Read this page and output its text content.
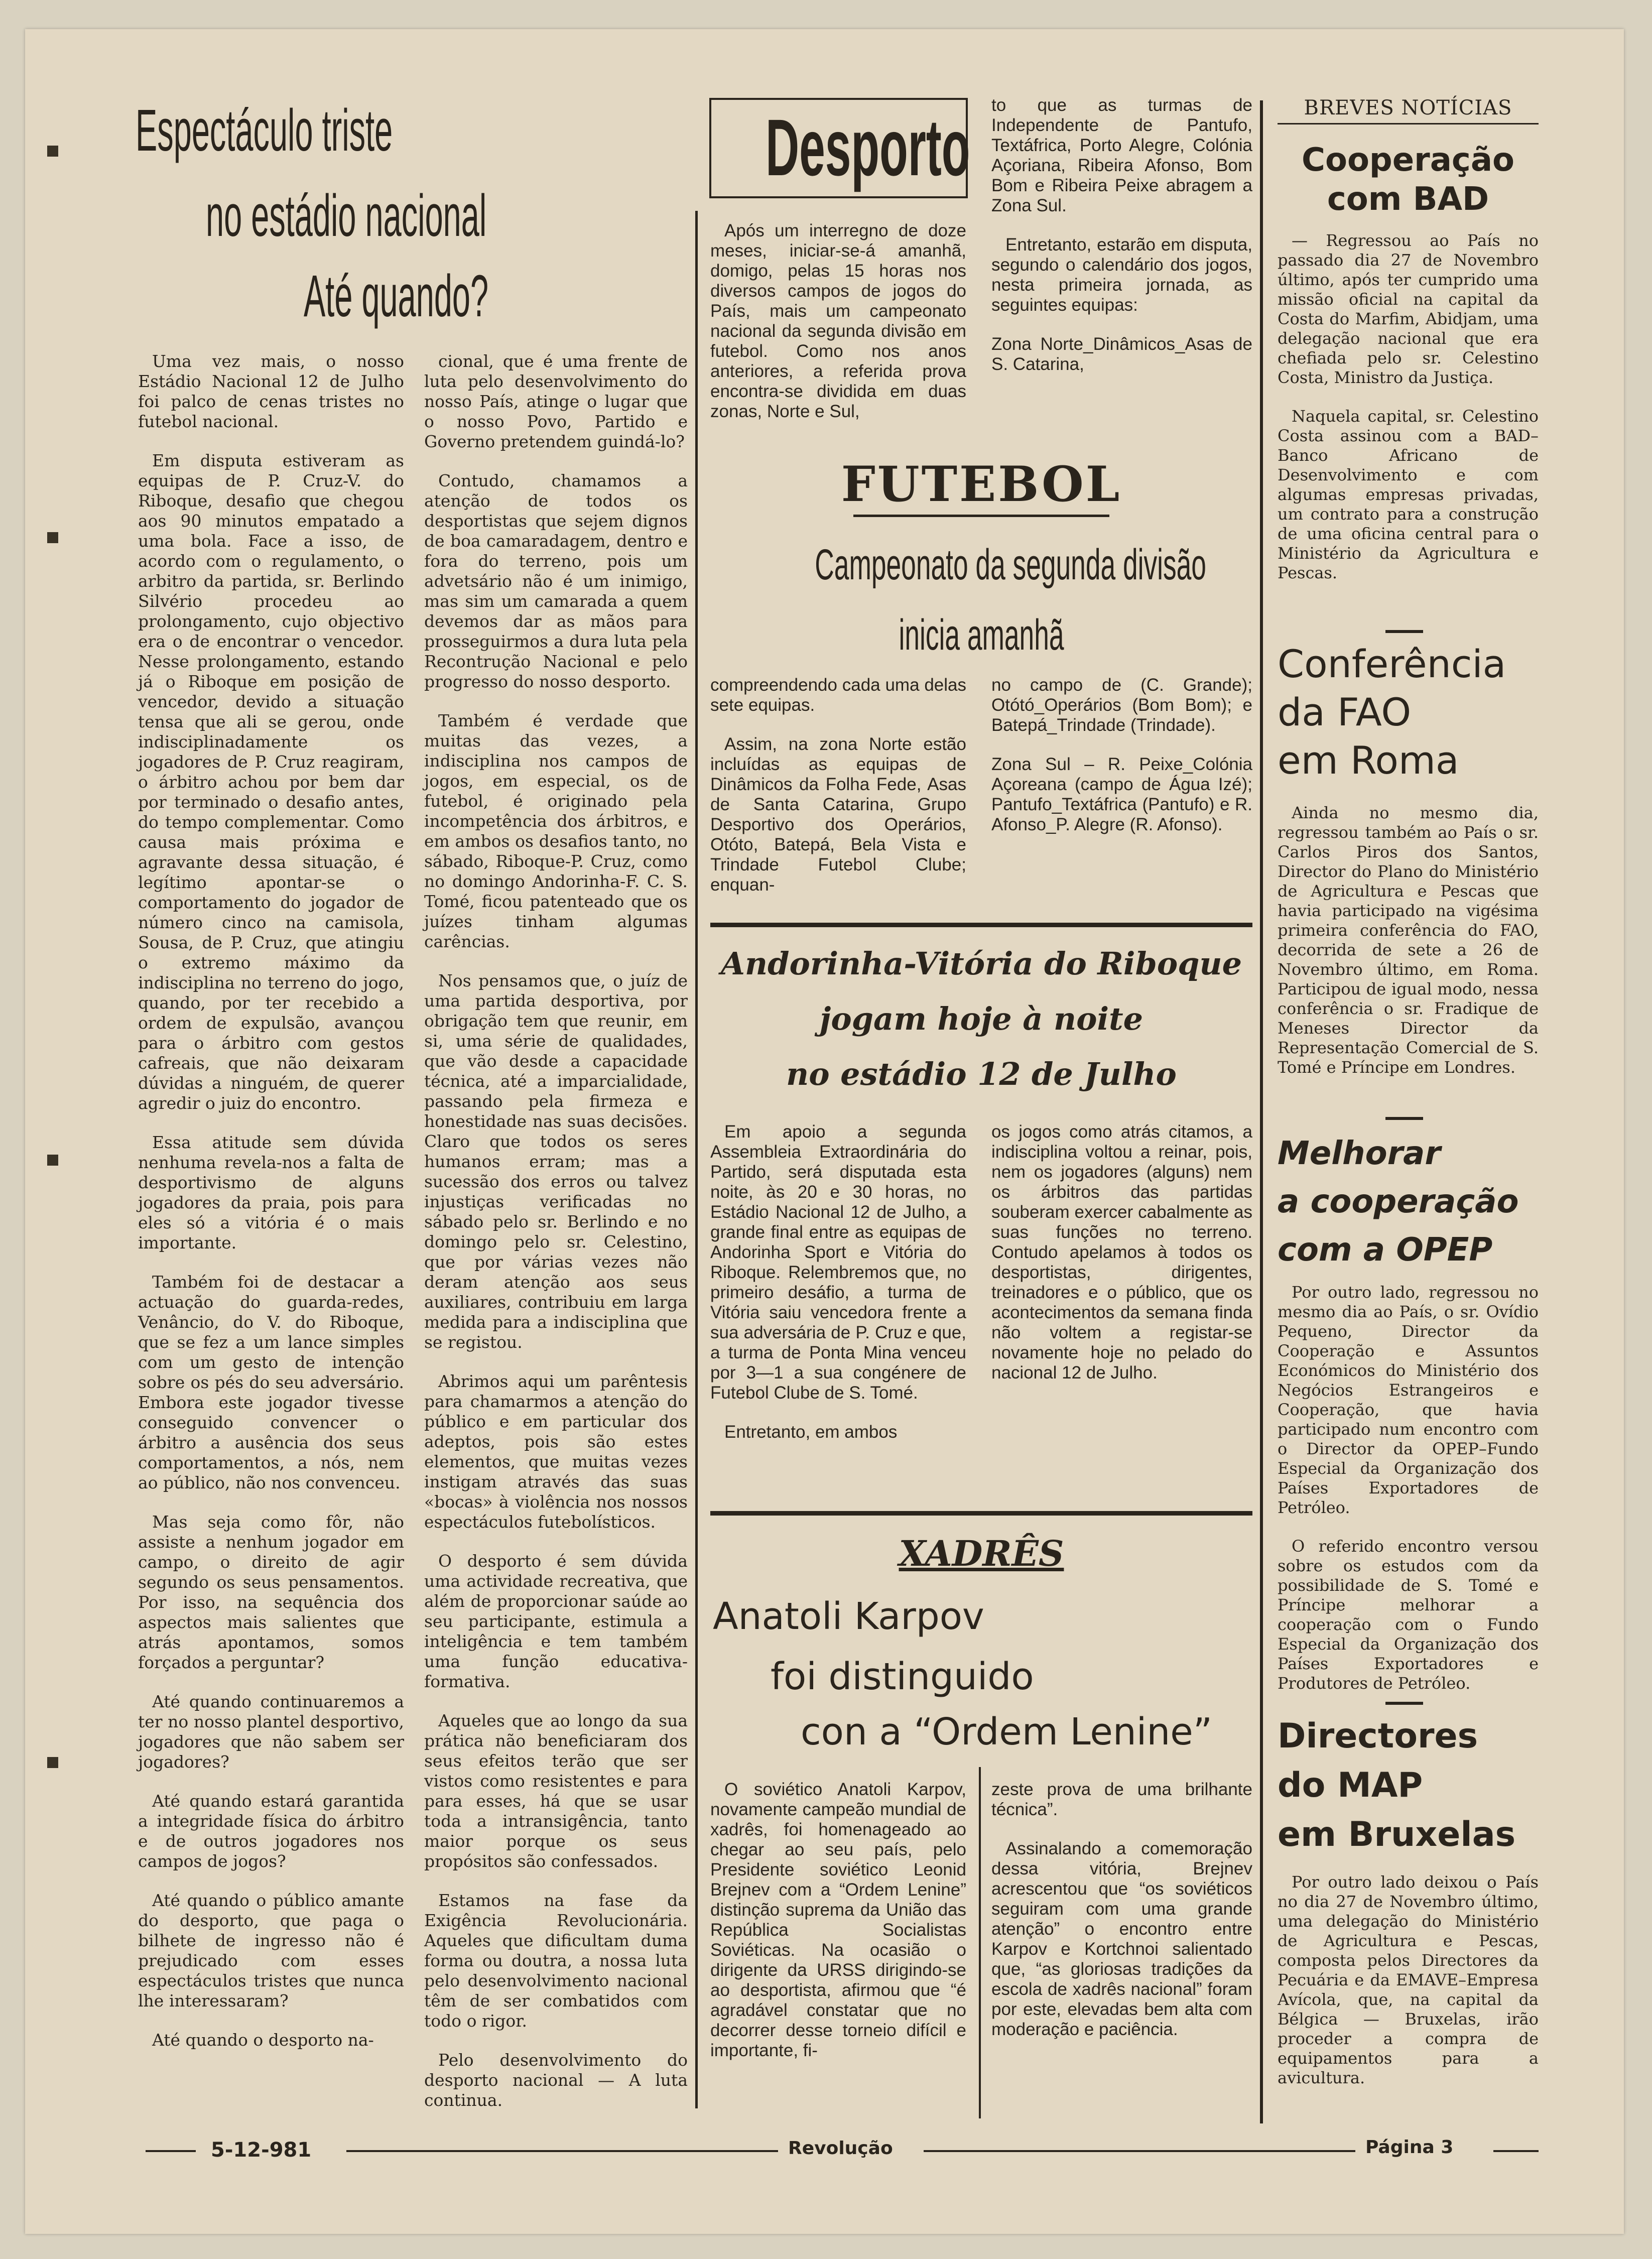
Espectáculo triste
no estádio nacional
Até quando?

Uma vez mais, o nosso Estádio Nacional 12 de Julho foi palco de cenas tristes no futebol nacional.

Em disputa estiveram as equipas de P. Cruz-V. do Riboque, desafio que chegou aos 90 minutos empatado a uma bola. Face a isso, de acordo com o regulamento, o arbitro da partida, sr. Berlindo Silvério procedeu ao prolongamento, cujo objectivo era o de encontrar o vencedor. Nesse prolongamento, estando já o Riboque em posição de vencedor, devido a situação tensa que ali se gerou, onde indisciplinadamente os jogadores de P. Cruz reagiram, o árbitro achou por bem dar por terminado o desafio antes, do tempo complementar. Como causa mais próxima e agravante dessa situação, é legítimo apontar-se o comportamento do jogador de número cinco na camisola, Sousa, de P. Cruz, que atingiu o extremo máximo da indisciplina no terreno do jogo, quando, por ter recebido a ordem de expulsão, avançou para o árbitro com gestos cafreais, que não deixaram dúvidas a ninguém, de querer agredir o juiz do encontro.

Essa atitude sem dúvida nenhuma revela-nos a falta de desportivismo de alguns jogadores da praia, pois para eles só a vitória é o mais importante.

Também foi de destacar a actuação do guarda-redes, Venâncio, do V. do Riboque, que se fez a um lance simples com um gesto de intenção sobre os pés do seu adversário. Embora este jogador tivesse conseguido convencer o árbitro a ausência dos seus comportamentos, a nós, nem ao público, não nos convenceu.

Mas seja como fôr, não assiste a nenhum jogador em campo, o direito de agir segundo os seus pensamentos. Por isso, na sequência dos aspectos mais salientes que atrás apontamos, somos forçados a perguntar?

Até quando continuaremos a ter no nosso plantel desportivo, jogadores que não sabem ser jogadores?

Até quando estará garantida a integridade física do árbitro e de outros jogadores nos campos de jogos?

Até quando o público amante do desporto, que paga o bilhete de ingresso não é prejudicado com esses espectáculos tristes que nunca lhe interessaram?

Até quando o desporto na-

cional, que é uma frente de luta pelo desenvolvimento do nosso País, atinge o lugar que o nosso Povo, Partido e Governo pretendem guindá-lo?

Contudo, chamamos a atenção de todos os desportistas que sejem dignos de boa camaradagem, dentro e fora do terreno, pois um advetsário não é um inimigo, mas sim um camarada a quem devemos dar as mãos para prosseguirmos a dura luta pela Recontrução Nacional e pelo progresso do nosso desporto.

Também é verdade que muitas das vezes, a indisciplina nos campos de jogos, em especial, os de futebol, é originado pela incompetência dos árbitros, e em ambos os desafios tanto, no sábado, Riboque-P. Cruz, como no domingo Andorinha-F. C. S. Tomé, ficou patenteado que os juízes tinham algumas carências.

Nos pensamos que, o juíz de uma partida desportiva, por obrigação tem que reunir, em si, uma série de qualidades, que vão desde a capacidade técnica, até a imparcialidade, passando pela firmeza e honestidade nas suas decisões. Claro que todos os seres humanos erram; mas a sucessão dos erros ou talvez injustiças verificadas no sábado pelo sr. Berlindo e no domingo pelo sr. Celestino, que por várias vezes não deram atenção aos seus auxiliares, contribuiu em larga medida para a indisciplina que se registou.

Abrimos aqui um parêntesis para chamarmos a atenção do público e em particular dos adeptos, pois são estes elementos, que muitas vezes instigam através das suas «bocas» à violência nos nossos espectáculos futebolísticos.

O desporto é sem dúvida uma actividade recreativa, que além de proporcionar saúde ao seu participante, estimula a inteligência e tem também uma função educativa-formativa.

Aqueles que ao longo da sua prática não beneficiaram dos seus efeitos terão que ser vistos como resistentes e para para esses, há que se usar toda a intransigência, tanto maior porque os seus propósitos são confessados.

Estamos na fase da Exigência Revolucionária. Aqueles que dificultam duma forma ou doutra, a nossa luta pelo desenvolvimento nacional têm de ser combatidos com todo o rigor.

Pelo desenvolvimento do desporto nacional — A luta continua.

Desporto

Após um interregno de doze meses, iniciar-se-á amanhã, domigo, pelas 15 horas nos diversos campos de jogos do País, mais um campeonato nacional da segunda divisão em futebol. Como nos anos anteriores, a referida prova encontra-se dividida em duas zonas, Norte e Sul,

to que as turmas de Independente de Pantufo, Textáfrica, Porto Alegre, Colónia Açoriana, Ribeira Afonso, Bom Bom e Ribeira Peixe abragem a Zona Sul.

Entretanto, estarão em disputa, segundo o calendário dos jogos, nesta primeira jornada, as seguintes equipas:

Zona Norte_Dinâmicos_Asas de S. Catarina,

FUTEBOL
Campeonato da segunda divisão
inicia amanhã

compreendendo cada uma delas sete equipas.

Assim, na zona Norte estão incluídas as equipas de Dinâmicos da Folha Fede, Asas de Santa Catarina, Grupo Desportivo dos Operários, Otóto, Batepá, Bela Vista e Trindade Futebol Clube; enquan-

no campo de (C. Grande); Otótó_Operários (Bom Bom); e Batepá_Trindade (Trindade).

Zona Sul – R. Peixe_Colónia Açoreana (campo de Água Izé); Pantufo_Textáfrica (Pantufo) e R. Afonso_P. Alegre (R. Afonso).

Andorinha-Vitória do Riboque
jogam hoje à noite
no estádio 12 de Julho

Em apoio a segunda Assembleia Extraordinária do Partido, será disputada esta noite, às 20 e 30 horas, no Estádio Nacional 12 de Julho, a grande final entre as equipas de Andorinha Sport e Vitória do Riboque. Relembremos que, no primeiro desáfio, a turma de Vitória saiu vencedora frente a sua adversária de P. Cruz e que, a turma de Ponta Mina venceu por 3—1 a sua congénere de Futebol Clube de S. Tomé.

Entretanto, em ambos

os jogos como atrás citamos, a indisciplina voltou a reinar, pois, nem os jogadores (alguns) nem os árbitros das partidas souberam exercer cabalmente as suas funções no terreno. Contudo apelamos à todos os desportistas, dirigentes, treinadores e o público, que os acontecimentos da semana finda não voltem a registar-se novamente hoje no pelado do nacional 12 de Julho.

XADRÊS
Anatoli Karpov
foi distinguido
con a “Ordem Lenine”

O soviético Anatoli Karpov, novamente campeão mundial de xadrês, foi homenageado ao chegar ao seu país, pelo Presidente soviético Leonid Brejnev com a “Ordem Lenine” distinção suprema da União das República Socialistas Soviéticas. Na ocasião o dirigente da URSS dirigindo-se ao desportista, afirmou que “é agradável constatar que no decorrer desse torneio difícil e importante, fi-

zeste prova de uma brilhante técnica”.

Assinalando a comemoração dessa vitória, Brejnev acrescentou que “os soviéticos seguiram com uma grande atenção” o encontro entre Karpov e Kortchnoi salientado que, “as gloriosas tradições da escola de xadrês nacional” foram por este, elevadas bem alta com moderação e paciência.

BREVES NOTÍCIAS
Cooperação
com BAD

— Regressou ao País no passado dia 27 de Novembro último, após ter cumprido uma missão oficial na capital da Costa do Marfim, Abidjam, uma delegação nacional que era chefiada pelo sr. Celestino Costa, Ministro da Justiça.

Naquela capital, sr. Celestino Costa assinou com a BAD–Banco Africano de Desenvolvimento e com algumas empresas privadas, um contrato para a construção de uma oficina central para o Ministério da Agricultura e Pescas.

Conferência
da FAO
em Roma

Ainda no mesmo dia, regressou também ao País o sr. Carlos Piros dos Santos, Director do Plano do Ministério de Agricultura e Pescas que havia participado na vigésima primeira conferência do FAO, decorrida de sete a 26 de Novembro último, em Roma. Participou de igual modo, nessa conferência o sr. Fradique de Meneses Director da Representação Comercial de S. Tomé e Príncipe em Londres.

Melhorar
a cooperação
com a OPEP

Por outro lado, regressou no mesmo dia ao País, o sr. Ovídio Pequeno, Director da Cooperação e Assuntos Económicos do Ministério dos Negócios Estrangeiros e Cooperação, que havia participado num encontro com o Director da OPEP–Fundo Especial da Organização dos Países Exportadores de Petróleo.

O referido encontro versou sobre os estudos com da possibilidade de S. Tomé e Príncipe melhorar a cooperação com o Fundo Especial da Organização dos Países Exportadores e Produtores de Petróleo.

Directores
do MAP
em Bruxelas

Por outro lado deixou o País no dia 27 de Novembro último, uma delegação do Ministério de Agricultura e Pescas, composta pelos Directores da Pecuária e da EMAVE–Empresa Avícola, que, na capital da Bélgica — Bruxelas, irão proceder a compra de equipamentos para a avicultura.

5-12-981	Revolução	Página 3
